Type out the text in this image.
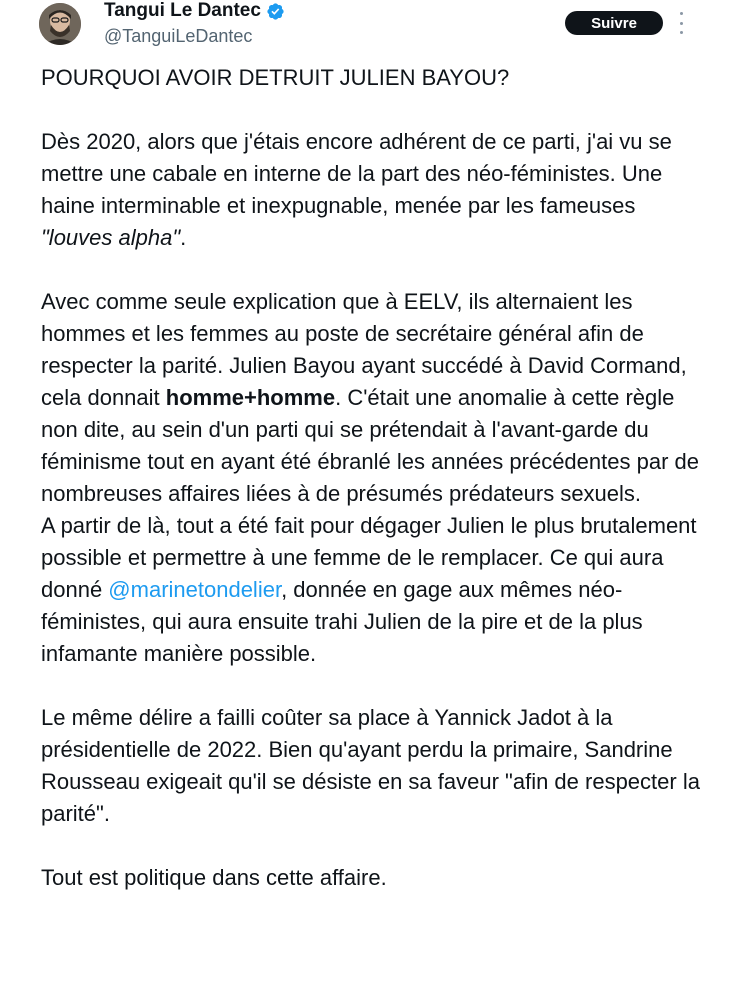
Tangui Le Dantec
@TanguiLeDantec
Suivre

POURQUOI AVOIR DETRUIT JULIEN BAYOU?

Dès 2020, alors que j'étais encore adhérent de ce parti, j'ai vu se mettre une cabale en interne de la part des néo-féministes. Une haine interminable et inexpugnable, menée par les fameuses "louves alpha".

Avec comme seule explication que à EELV, ils alternaient les hommes et les femmes au poste de secrétaire général afin de respecter la parité. Julien Bayou ayant succédé à David Cormand, cela donnait homme+homme. C'était une anomalie à cette règle non dite, au sein d'un parti qui se prétendait à l'avant-garde du féminisme tout en ayant été ébranlé les années précédentes par de nombreuses affaires liées à de présumés prédateurs sexuels.

A partir de là, tout a été fait pour dégager Julien le plus brutalement possible et permettre à une femme de le remplacer. Ce qui aura donné @marinetondelier, donnée en gage aux mêmes néo-féministes, qui aura ensuite trahi Julien de la pire et de la plus infamante manière possible.

Le même délire a failli coûter sa place à Yannick Jadot à la présidentielle de 2022. Bien qu'ayant perdu la primaire, Sandrine Rousseau exigeait qu'il se désiste en sa faveur "afin de respecter la parité".

Tout est politique dans cette affaire.
